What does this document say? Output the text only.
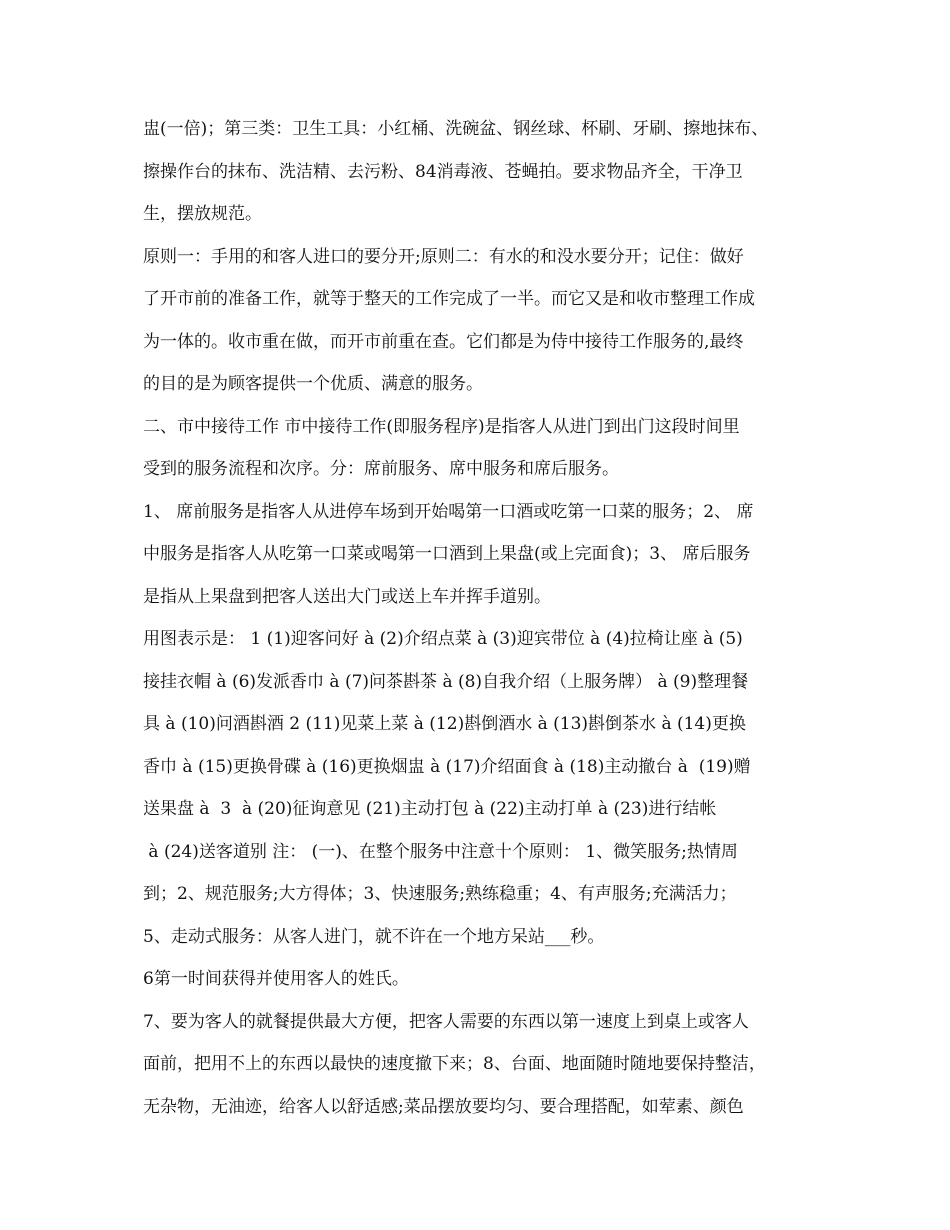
盅(一倍)；第三类：卫生工具：小红桶、洗碗盆、钢丝球、杯刷、牙刷、擦地抹布、
擦操作台的抹布、洗洁精、去污粉、84消毒液、苍蝇拍。要求物品齐全，干净卫
生，摆放规范。
原则一：手用的和客人进口的要分开;原则二：有水的和没水要分开；记住：做好
了开市前的准备工作，就等于整天的工作完成了一半。而它又是和收市整理工作成
为一体的。收市重在做，而开市前重在查。它们都是为侍中接待工作服务的,最终
的目的是为顾客提供一个优质、满意的服务。
二、市中接待工作 市中接待工作(即服务程序)是指客人从进门到出门这段时间里
受到的服务流程和次序。分：席前服务、席中服务和席后服务。
1、 席前服务是指客人从进停车场到开始喝第一口酒或吃第一口菜的服务；2、 席
中服务是指客人从吃第一口菜或喝第一口酒到上果盘(或上完面食)；3、 席后服务
是指从上果盘到把客人送出大门或送上车并挥手道别。
用图表示是： 1 (1)迎客问好 à (2)介绍点菜 à (3)迎宾带位 à (4)拉椅让座 à (5)
接挂衣帽 à (6)发派香巾 à (7)问茶斟茶 à (8)自我介绍（上服务牌） à (9)整理餐
具 à (10)问酒斟酒 2 (11)见菜上菜 à (12)斟倒酒水 à (13)斟倒茶水 à (14)更换
香巾 à (15)更换骨碟 à (16)更换烟盅 à (17)介绍面食 à (18)主动撤台 à  (19)赠
送果盘 à  3  à (20)征询意见 (21)主动打包 à (22)主动打单 à (23)进行结帐
à (24)送客道别 注： (一)、在整个服务中注意十个原则： 1、微笑服务;热情周
到；2、规范服务;大方得体；3、快速服务;熟练稳重；4、有声服务;充满活力；
5、走动式服务：从客人进门，就不许在一个地方呆站___秒。
6第一时间获得并使用客人的姓氏。
7、要为客人的就餐提供最大方便，把客人需要的东西以第一速度上到桌上或客人
面前，把用不上的东西以最快的速度撤下来；8、台面、地面随时随地要保持整洁，
无杂物，无油迹，给客人以舒适感;菜品摆放要均匀、要合理搭配，如荤素、颜色
